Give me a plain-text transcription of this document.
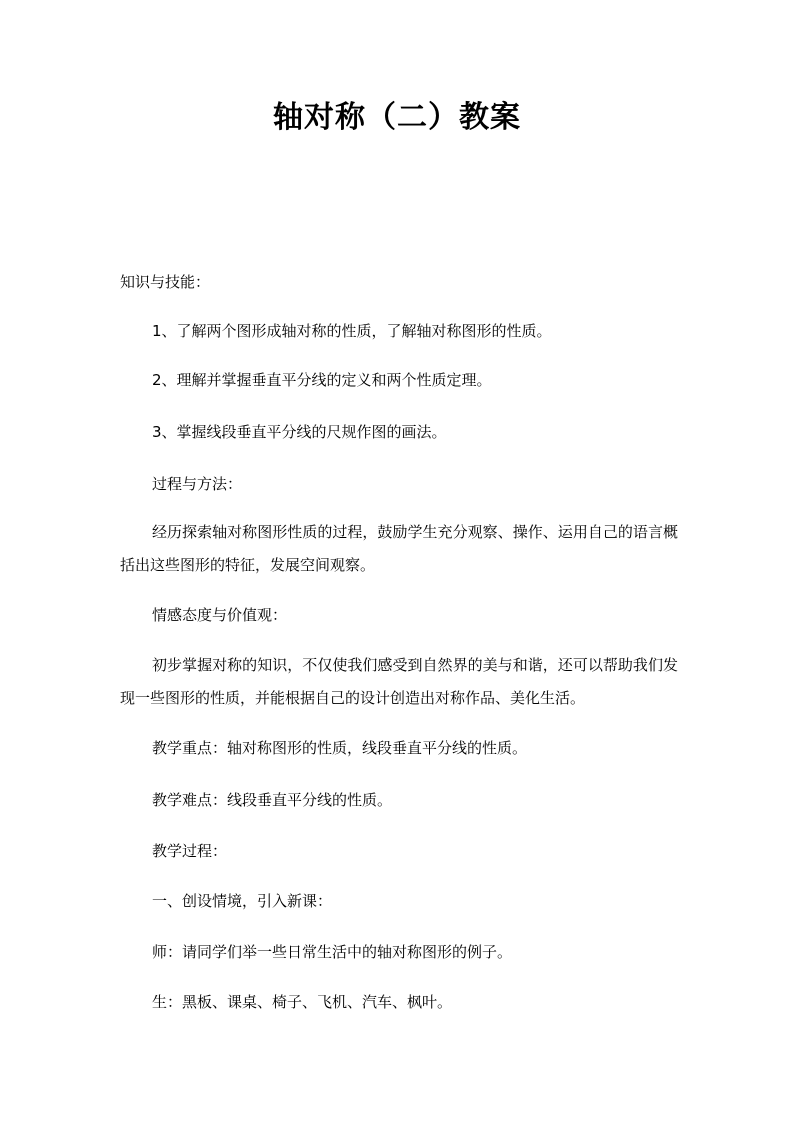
轴对称（二）教案
知识与技能：
1、了解两个图形成轴对称的性质，了解轴对称图形的性质。
2、理解并掌握垂直平分线的定义和两个性质定理。
3、掌握线段垂直平分线的尺规作图的画法。
过程与方法：
经历探索轴对称图形性质的过程，鼓励学生充分观察、操作、运用自己的语言概括出这些图形的特征，发展空间观察。
情感态度与价值观：
初步掌握对称的知识，不仅使我们感受到自然界的美与和谐，还可以帮助我们发现一些图形的性质，并能根据自己的设计创造出对称作品、美化生活。
教学重点：轴对称图形的性质，线段垂直平分线的性质。
教学难点：线段垂直平分线的性质。
教学过程：
一、创设情境，引入新课：
师：请同学们举一些日常生活中的轴对称图形的例子。
生：黑板、课桌、椅子、飞机、汽车、枫叶。
